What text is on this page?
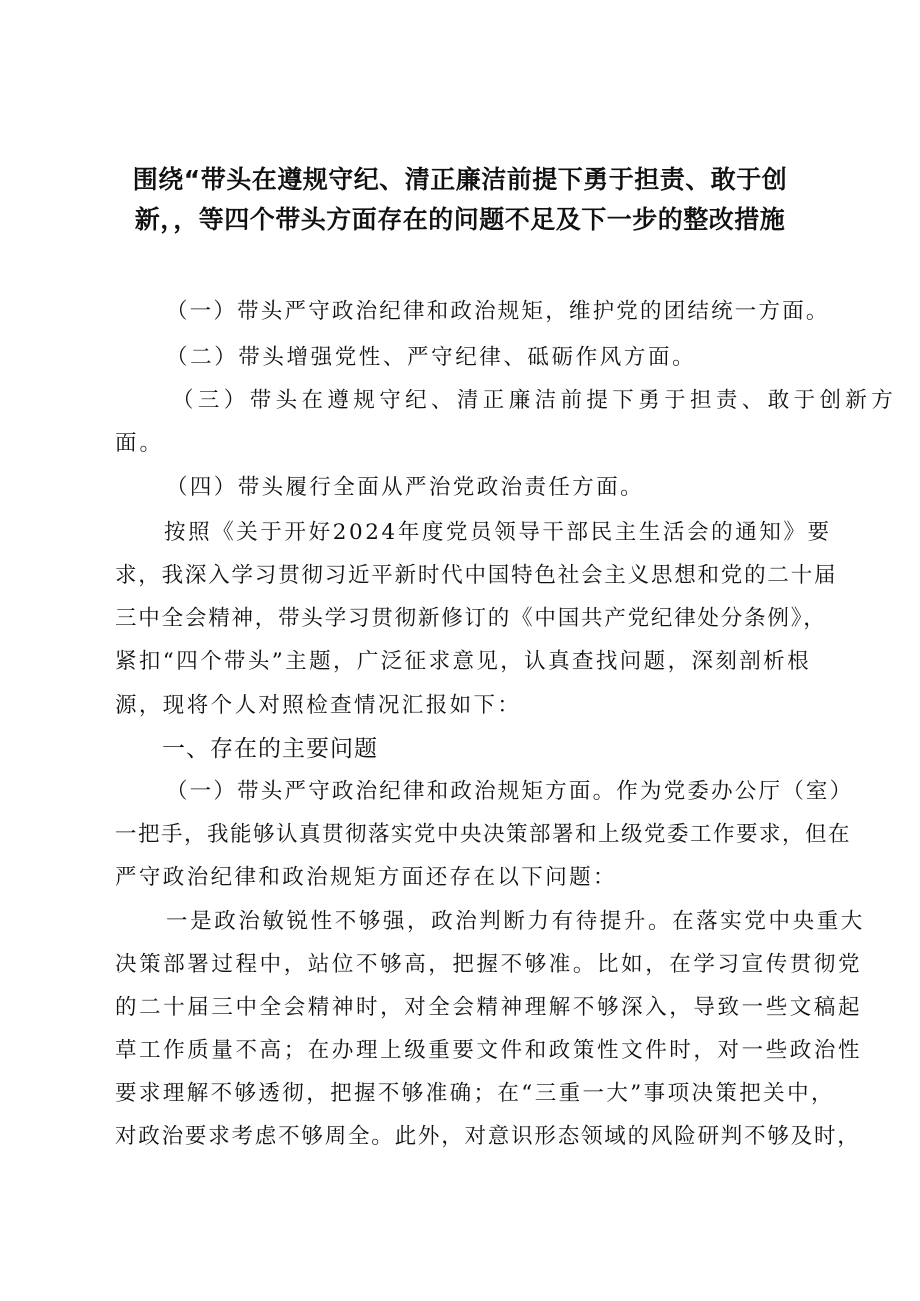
围绕“带头在遵规守纪、清正廉洁前提下勇于担责、敢于创
新，，等四个带头方面存在的问题不足及下一步的整改措施
（一）带头严守政治纪律和政治规矩，维护党的团结统一方面。
（二）带头增强党性、严守纪律、砥砺作风方面。
（三）带头在遵规守纪、清正廉洁前提下勇于担责、敢于创新方
面。
（四）带头履行全面从严治党政治责任方面。
按照《关于开好2024年度党员领导干部民主生活会的通知》要
求，我深入学习贯彻习近平新时代中国特色社会主义思想和党的二十届
三中全会精神，带头学习贯彻新修订的《中国共产党纪律处分条例》，
紧扣“四个带头”主题，广泛征求意见，认真查找问题，深刻剖析根
源，现将个人对照检查情况汇报如下：
一、存在的主要问题
（一）带头严守政治纪律和政治规矩方面。作为党委办公厅（室）
一把手，我能够认真贯彻落实党中央决策部署和上级党委工作要求，但在
严守政治纪律和政治规矩方面还存在以下问题：
一是政治敏锐性不够强，政治判断力有待提升。在落实党中央重大
决策部署过程中，站位不够高，把握不够准。比如，在学习宣传贯彻党
的二十届三中全会精神时，对全会精神理解不够深入，导致一些文稿起
草工作质量不高；在办理上级重要文件和政策性文件时，对一些政治性
要求理解不够透彻，把握不够准确；在“三重一大”事项决策把关中，
对政治要求考虑不够周全。此外，对意识形态领域的风险研判不够及时，
